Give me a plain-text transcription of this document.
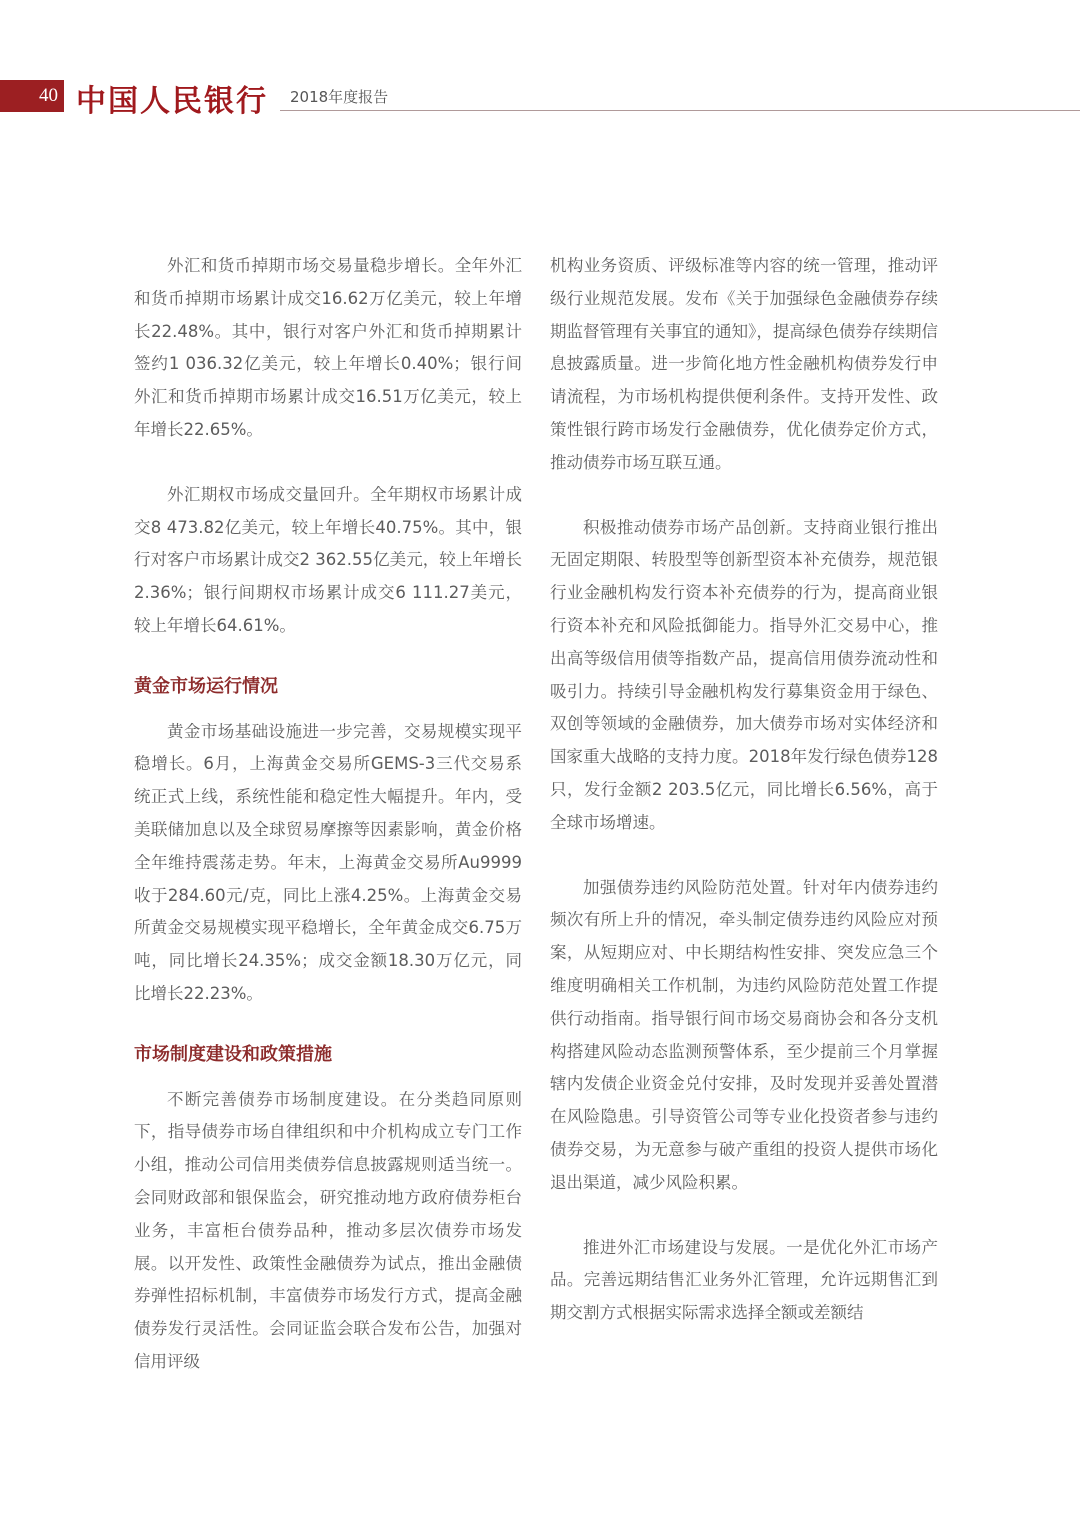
40 中国人民银行 2018年度报告

外汇和货币掉期市场交易量稳步增长。全年外汇和货币掉期市场累计成交16.62万亿美元，较上年增长22.48%。其中，银行对客户外汇和货币掉期累计签约1 036.32亿美元，较上年增长0.40%；银行间外汇和货币掉期市场累计成交16.51万亿美元，较上年增长22.65%。

外汇期权市场成交量回升。全年期权市场累计成交8 473.82亿美元，较上年增长40.75%。其中，银行对客户市场累计成交2 362.55亿美元，较上年增长2.36%；银行间期权市场累计成交6 111.27美元，较上年增长64.61%。

黄金市场运行情况

黄金市场基础设施进一步完善，交易规模实现平稳增长。6月，上海黄金交易所GEMS-3三代交易系统正式上线，系统性能和稳定性大幅提升。年内，受美联储加息以及全球贸易摩擦等因素影响，黄金价格全年维持震荡走势。年末，上海黄金交易所Au9999收于284.60元/克，同比上涨4.25%。上海黄金交易所黄金交易规模实现平稳增长，全年黄金成交6.75万吨，同比增长24.35%；成交金额18.30万亿元，同比增长22.23%。

市场制度建设和政策措施

不断完善债券市场制度建设。在分类趋同原则下，指导债券市场自律组织和中介机构成立专门工作小组，推动公司信用类债券信息披露规则适当统一。会同财政部和银保监会，研究推动地方政府债券柜台业务，丰富柜台债券品种，推动多层次债券市场发展。以开发性、政策性金融债券为试点，推出金融债券弹性招标机制，丰富债券市场发行方式，提高金融债券发行灵活性。会同证监会联合发布公告，加强对信用评级

机构业务资质、评级标准等内容的统一管理，推动评级行业规范发展。发布《关于加强绿色金融债券存续期监督管理有关事宜的通知》，提高绿色债券存续期信息披露质量。进一步简化地方性金融机构债券发行申请流程，为市场机构提供便利条件。支持开发性、政策性银行跨市场发行金融债券，优化债券定价方式，推动债券市场互联互通。

积极推动债券市场产品创新。支持商业银行推出无固定期限、转股型等创新型资本补充债券，规范银行业金融机构发行资本补充债券的行为，提高商业银行资本补充和风险抵御能力。指导外汇交易中心，推出高等级信用债等指数产品，提高信用债券流动性和吸引力。持续引导金融机构发行募集资金用于绿色、双创等领域的金融债券，加大债券市场对实体经济和国家重大战略的支持力度。2018年发行绿色债券128只，发行金额2 203.5亿元，同比增长6.56%，高于全球市场增速。

加强债券违约风险防范处置。针对年内债券违约频次有所上升的情况，牵头制定债券违约风险应对预案，从短期应对、中长期结构性安排、突发应急三个维度明确相关工作机制，为违约风险防范处置工作提供行动指南。指导银行间市场交易商协会和各分支机构搭建风险动态监测预警体系，至少提前三个月掌握辖内发债企业资金兑付安排，及时发现并妥善处置潜在风险隐患。引导资管公司等专业化投资者参与违约债券交易，为无意参与破产重组的投资人提供市场化退出渠道，减少风险积累。

推进外汇市场建设与发展。一是优化外汇市场产品。完善远期结售汇业务外汇管理，允许远期售汇到期交割方式根据实际需求选择全额或差额结
